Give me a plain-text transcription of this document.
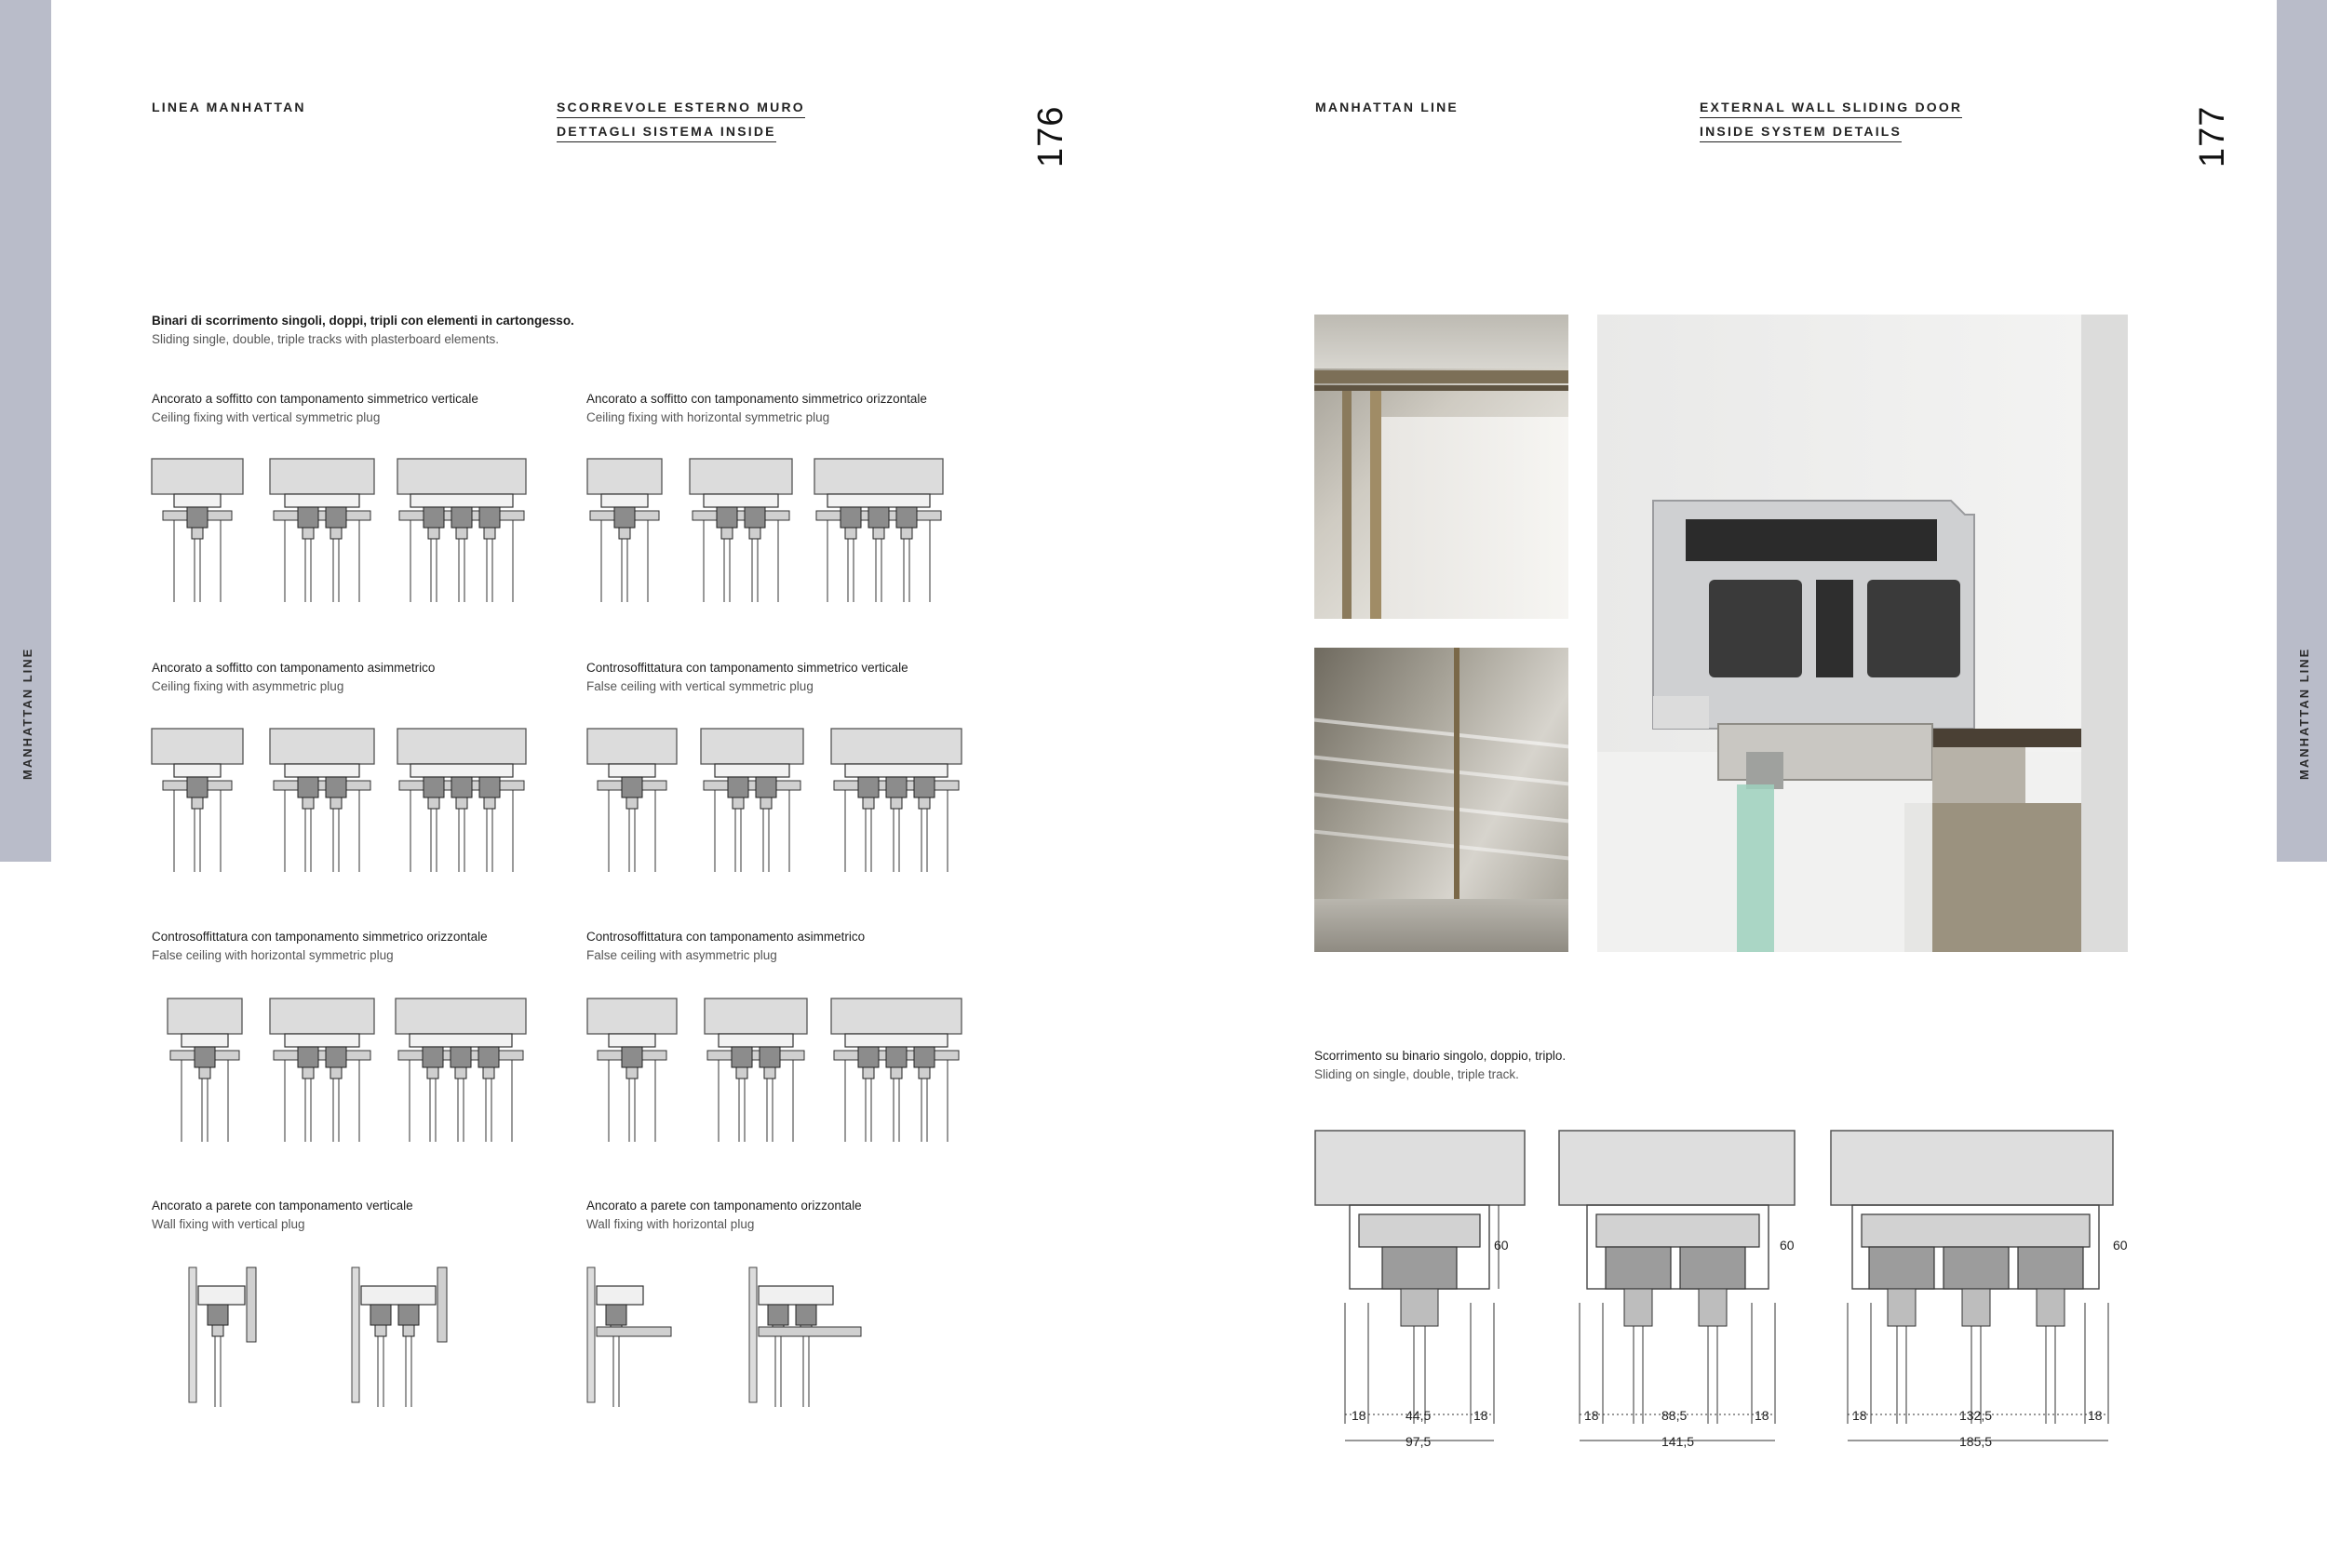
MANHATTAN LINE	MANHATTAN LINE
LINEA MANHATTAN	SCORREVOLE ESTERNO MURO
DETTAGLI SISTEMA INSIDE	176	MANHATTAN LINE	EXTERNAL WALL SLIDING DOOR
INSIDE SYSTEM DETAILS	177
Binari di scorrimento singoli, doppi, tripli con elementi in cartongesso.
Sliding single, double, triple tracks with plasterboard elements.
Ancorato a soffitto con tamponamento simmetrico verticale
Ceiling fixing with vertical symmetric plug
Ancorato a soffitto con tamponamento simmetrico orizzontale
Ceiling fixing with horizontal symmetric plug
Ancorato a soffitto con tamponamento asimmetrico
Ceiling fixing with asymmetric plug
Controsoffittatura con tamponamento simmetrico verticale
False ceiling with vertical symmetric plug
Controsoffittatura con tamponamento simmetrico orizzontale
False ceiling with horizontal symmetric plug
Controsoffittatura con tamponamento asimmetrico
False ceiling with asymmetric plug
Ancorato a parete con tamponamento verticale
Wall fixing with vertical plug
Ancorato a parete con tamponamento orizzontale
Wall fixing with horizontal plug
Scorrimento su binario singolo, doppio, triplo.
Sliding on single, double, triple track.
60
18	44,5	18
97,5
60
18	88,5	18
141,5
60
18	132,5	18
185,5
